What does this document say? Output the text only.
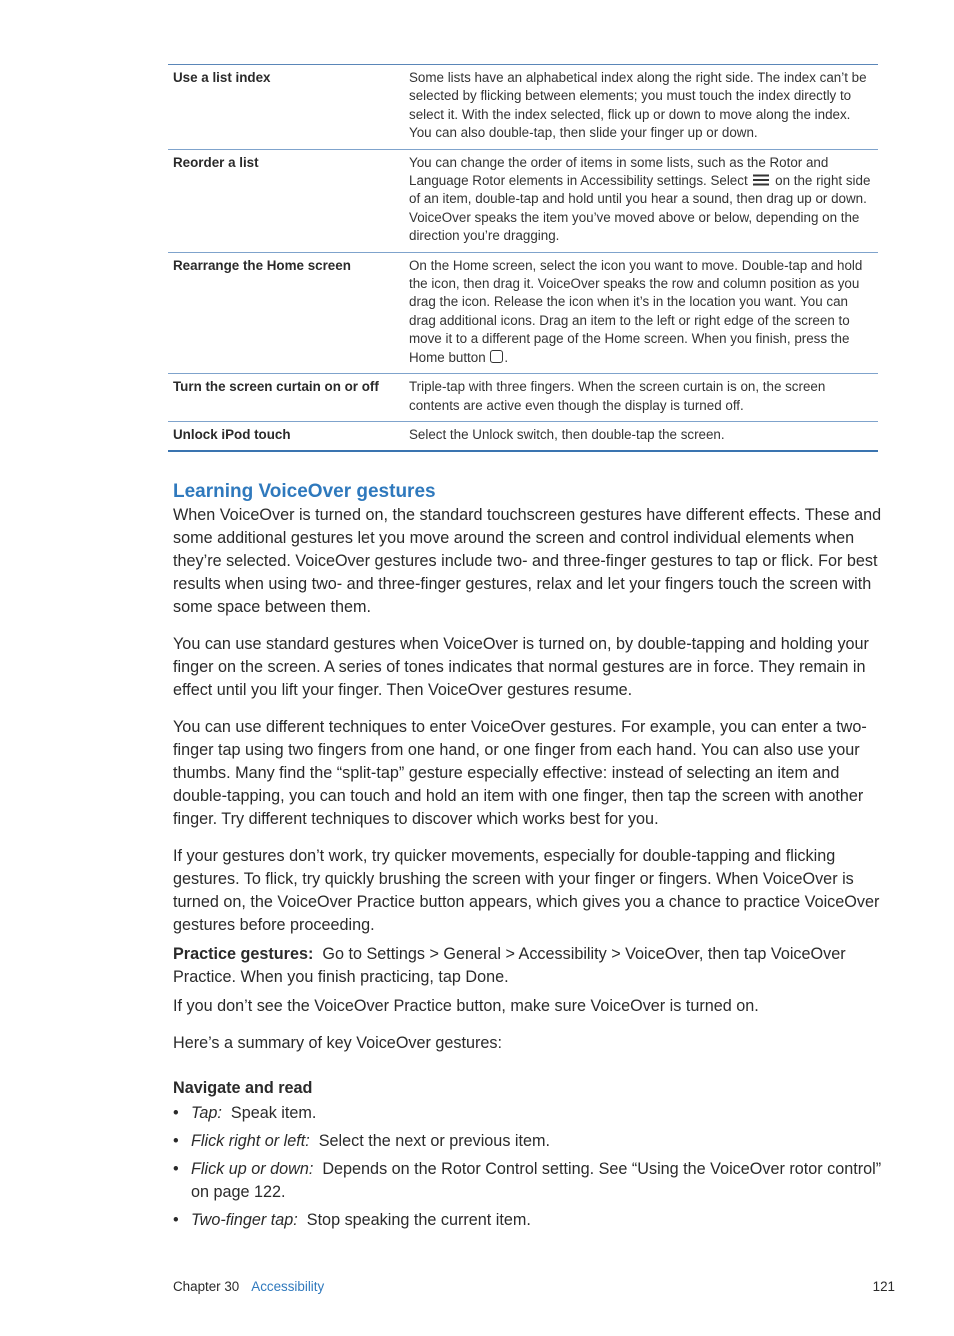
Use a list index	Some lists have an alphabetical index along the right side. The index can’t be selected by flicking between elements; you must touch the index directly to select it. With the index selected, flick up or down to move along the index. You can also double-tap, then slide your finger up or down.
Reorder a list	You can change the order of items in some lists, such as the Rotor and Language Rotor elements in Accessibility settings. Select on the right side of an item, double-tap and hold until you hear a sound, then drag up or down. VoiceOver speaks the item you’ve moved above or below, depending on the direction you’re dragging.
Rearrange the Home screen	On the Home screen, select the icon you want to move. Double-tap and hold the icon, then drag it. VoiceOver speaks the row and column position as you drag the icon. Release the icon when it’s in the location you want. You can drag additional icons. Drag an item to the left or right edge of the screen to move it to a different page of the Home screen. When you finish, press the Home button .
Turn the screen curtain on or off	Triple-tap with three fingers. When the screen curtain is on, the screen contents are active even though the display is turned off.
Unlock iPod touch	Select the Unlock switch, then double-tap the screen.
Learning VoiceOver gestures

When VoiceOver is turned on, the standard touchscreen gestures have different effects. These and some additional gestures let you move around the screen and control individual elements when they’re selected. VoiceOver gestures include two- and three-finger gestures to tap or flick. For best results when using two- and three-finger gestures, relax and let your fingers touch the screen with some space between them.

You can use standard gestures when VoiceOver is turned on, by double-tapping and holding your finger on the screen. A series of tones indicates that normal gestures are in force. They remain in effect until you lift your finger. Then VoiceOver gestures resume.

You can use different techniques to enter VoiceOver gestures. For example, you can enter a two-finger tap using two fingers from one hand, or one finger from each hand. You can also use your thumbs. Many find the “split-tap” gesture especially effective: instead of selecting an item and double-tapping, you can touch and hold an item with one finger, then tap the screen with another finger. Try different techniques to discover which works best for you.

If your gestures don’t work, try quicker movements, especially for double-tapping and flicking gestures. To flick, try quickly brushing the screen with your finger or fingers. When VoiceOver is turned on, the VoiceOver Practice button appears, which gives you a chance to practice VoiceOver gestures before proceeding.

Practice gestures: Go to Settings > General > Accessibility > VoiceOver, then tap VoiceOver Practice. When you finish practicing, tap Done.

If you don’t see the VoiceOver Practice button, make sure VoiceOver is turned on.

Here’s a summary of key VoiceOver gestures:

Navigate and read
• Tap: Speak item.
• Flick right or left: Select the next or previous item.
• Flick up or down: Depends on the Rotor Control setting. See “Using the VoiceOver rotor control” on page 122.
• Two-finger tap: Stop speaking the current item.
Chapter 30 Accessibility	121
